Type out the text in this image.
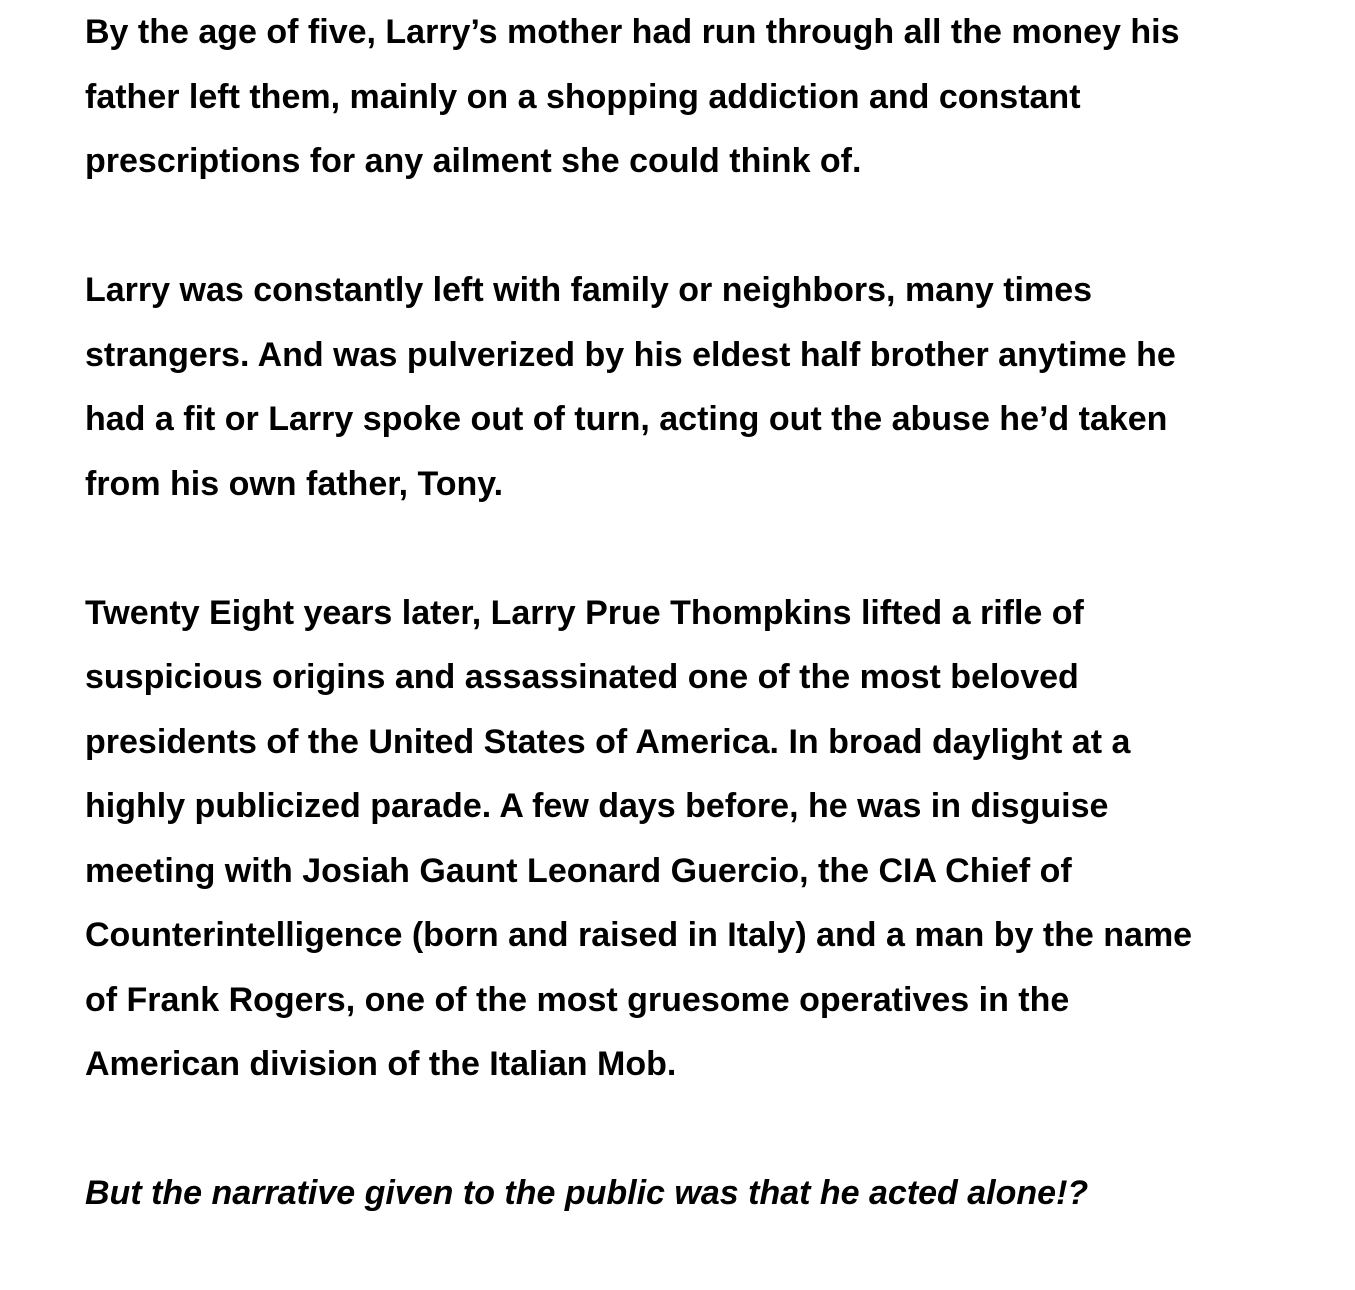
By the age of five, Larry’s mother had run through all the money his
father left them, mainly on a shopping addiction and constant
prescriptions for any ailment she could think of.

Larry was constantly left with family or neighbors, many times
strangers. And was pulverized by his eldest half brother anytime he
had a fit or Larry spoke out of turn, acting out the abuse he’d taken
from his own father, Tony.

Twenty Eight years later, Larry Prue Thompkins lifted a rifle of
suspicious origins and assassinated one of the most beloved
presidents of the United States of America. In broad daylight at a
highly publicized parade. A few days before, he was in disguise
meeting with Josiah Gaunt Leonard Guercio, the CIA Chief of
Counterintelligence (born and raised in Italy) and a man by the name
of Frank Rogers, one of the most gruesome operatives in the
American division of the Italian Mob.

But the narrative given to the public was that he acted alone!?
